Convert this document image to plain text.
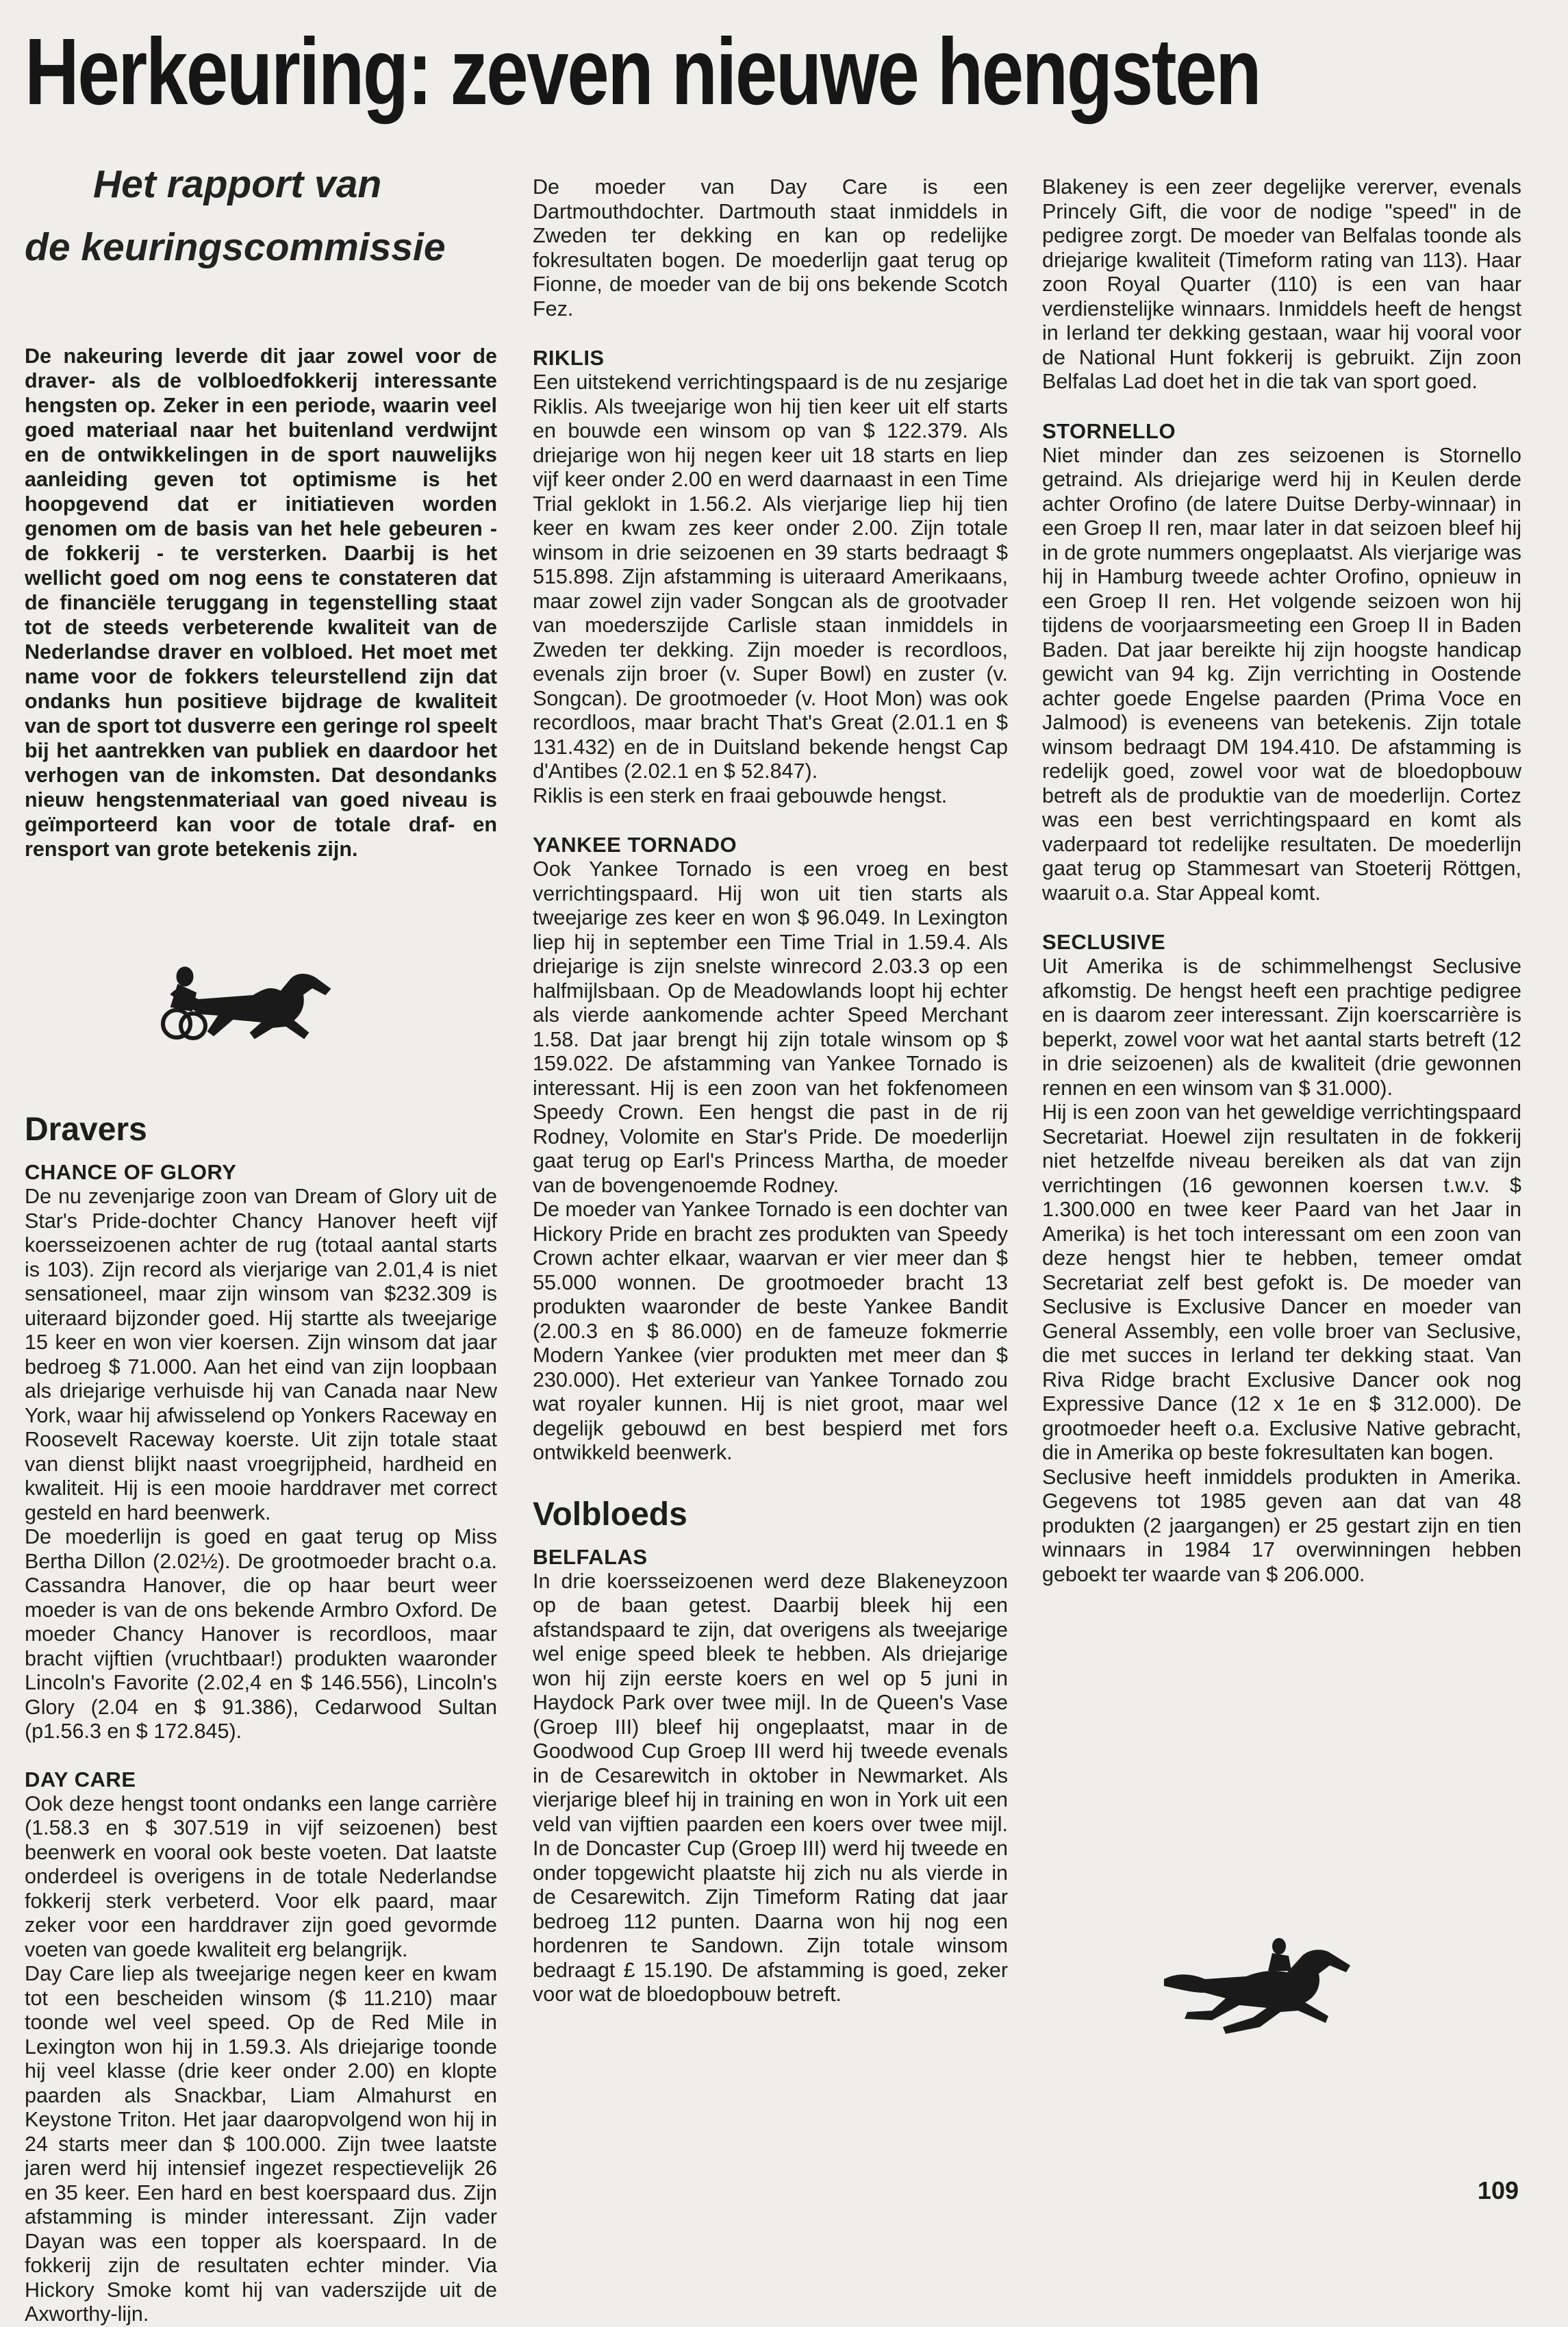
Herkeuring: zeven nieuwe hengsten
Het rapport van
de keuringscommissie
De nakeuring leverde dit jaar zowel voor de draver- als de volbloedfokkerij interessante hengsten op. Zeker in een periode, waarin veel goed materiaal naar het buitenland verdwijnt en de ontwikkelingen in de sport nauwelijks aanleiding geven tot optimisme is het hoopgevend dat er initiatieven worden genomen om de basis van het hele gebeuren - de fokkerij - te versterken. Daarbij is het wellicht goed om nog eens te constateren dat de financiële teruggang in tegenstelling staat tot de steeds verbeterende kwaliteit van de Nederlandse draver en volbloed. Het moet met name voor de fokkers teleurstellend zijn dat ondanks hun positieve bijdrage de kwaliteit van de sport tot dusverre een geringe rol speelt bij het aantrekken van publiek en daardoor het verhogen van de inkomsten. Dat desondanks nieuw hengstenmateriaal van goed niveau is geïmporteerd kan voor de totale draf- en rensport van grote betekenis zijn.
Dravers

CHANCE OF GLORY

De nu zevenjarige zoon van Dream of Glory uit de Star's Pride-dochter Chancy Hanover heeft vijf koersseizoenen achter de rug (totaal aantal starts is 103). Zijn record als vierjarige van 2.01,4 is niet sensationeel, maar zijn winsom van $232.309 is uiteraard bijzonder goed. Hij startte als tweejarige 15 keer en won vier koersen. Zijn winsom dat jaar bedroeg $ 71.000. Aan het eind van zijn loopbaan als driejarige verhuisde hij van Canada naar New York, waar hij afwisselend op Yonkers Raceway en Roosevelt Raceway koerste. Uit zijn totale staat van dienst blijkt naast vroegrijpheid, hardheid en kwaliteit. Hij is een mooie harddraver met correct gesteld en hard beenwerk.

De moederlijn is goed en gaat terug op Miss Bertha Dillon (2.02½). De grootmoeder bracht o.a. Cassandra Hanover, die op haar beurt weer moeder is van de ons bekende Armbro Oxford. De moeder Chancy Hanover is recordloos, maar bracht vijftien (vruchtbaar!) produkten waaronder Lincoln's Favorite (2.02,4 en $ 146.556), Lincoln's Glory (2.04 en $ 91.386), Cedarwood Sultan (p1.56.3 en $ 172.845).

DAY CARE

Ook deze hengst toont ondanks een lange carrière (1.58.3 en $ 307.519 in vijf seizoenen) best beenwerk en vooral ook beste voeten. Dat laatste onderdeel is overigens in de totale Nederlandse fokkerij sterk verbeterd. Voor elk paard, maar zeker voor een harddraver zijn goed gevormde voeten van goede kwaliteit erg belangrijk.

Day Care liep als tweejarige negen keer en kwam tot een bescheiden winsom ($ 11.210) maar toonde wel veel speed. Op de Red Mile in Lexington won hij in 1.59.3. Als driejarige toonde hij veel klasse (drie keer onder 2.00) en klopte paarden als Snackbar, Liam Almahurst en Keystone Triton. Het jaar daaropvolgend won hij in 24 starts meer dan $ 100.000. Zijn twee laatste jaren werd hij intensief ingezet respectievelijk 26 en 35 keer. Een hard en best koerspaard dus. Zijn afstamming is minder interessant. Zijn vader Dayan was een topper als koerspaard. In de fokkerij zijn de resultaten echter minder. Via Hickory Smoke komt hij van vaderszijde uit de Axworthy-lijn.

De moeder van Day Care is een Dartmouthdochter. Dartmouth staat inmiddels in Zweden ter dekking en kan op redelijke fokresultaten bogen. De moederlijn gaat terug op Fionne, de moeder van de bij ons bekende Scotch Fez.

RIKLIS

Een uitstekend verrichtingspaard is de nu zesjarige Riklis. Als tweejarige won hij tien keer uit elf starts en bouwde een winsom op van $ 122.379. Als driejarige won hij negen keer uit 18 starts en liep vijf keer onder 2.00 en werd daarnaast in een Time Trial geklokt in 1.56.2. Als vierjarige liep hij tien keer en kwam zes keer onder 2.00. Zijn totale winsom in drie seizoenen en 39 starts bedraagt $ 515.898. Zijn afstamming is uiteraard Amerikaans, maar zowel zijn vader Songcan als de grootvader van moederszijde Carlisle staan inmiddels in Zweden ter dekking. Zijn moeder is recordloos, evenals zijn broer (v. Super Bowl) en zuster (v. Songcan). De grootmoeder (v. Hoot Mon) was ook recordloos, maar bracht That's Great (2.01.1 en $ 131.432) en de in Duitsland bekende hengst Cap d'Antibes (2.02.1 en $ 52.847).

Riklis is een sterk en fraai gebouwde hengst.

YANKEE TORNADO

Ook Yankee Tornado is een vroeg en best verrichtingspaard. Hij won uit tien starts als tweejarige zes keer en won $ 96.049. In Lexington liep hij in september een Time Trial in 1.59.4. Als driejarige is zijn snelste winrecord 2.03.3 op een halfmijlsbaan. Op de Meadowlands loopt hij echter als vierde aankomende achter Speed Merchant 1.58. Dat jaar brengt hij zijn totale winsom op $ 159.022. De afstamming van Yankee Tornado is interessant. Hij is een zoon van het fokfenomeen Speedy Crown. Een hengst die past in de rij Rodney, Volomite en Star's Pride. De moederlijn gaat terug op Earl's Princess Martha, de moeder van de bovengenoemde Rodney.

De moeder van Yankee Tornado is een dochter van Hickory Pride en bracht zes produkten van Speedy Crown achter elkaar, waarvan er vier meer dan $ 55.000 wonnen. De grootmoeder bracht 13 produkten waaronder de beste Yankee Bandit (2.00.3 en $ 86.000) en de fameuze fokmerrie Modern Yankee (vier produkten met meer dan $ 230.000). Het exterieur van Yankee Tornado zou wat royaler kunnen. Hij is niet groot, maar wel degelijk gebouwd en best bespierd met fors ontwikkeld beenwerk.

Volbloeds

BELFALAS

In drie koersseizoenen werd deze Blakeneyzoon op de baan getest. Daarbij bleek hij een afstandspaard te zijn, dat overigens als tweejarige wel enige speed bleek te hebben. Als driejarige won hij zijn eerste koers en wel op 5 juni in Haydock Park over twee mijl. In de Queen's Vase (Groep III) bleef hij ongeplaatst, maar in de Goodwood Cup Groep III werd hij tweede evenals in de Cesarewitch in oktober in Newmarket. Als vierjarige bleef hij in training en won in York uit een veld van vijftien paarden een koers over twee mijl. In de Doncaster Cup (Groep III) werd hij tweede en onder topgewicht plaatste hij zich nu als vierde in de Cesarewitch. Zijn Timeform Rating dat jaar bedroeg 112 punten. Daarna won hij nog een hordenren te Sandown. Zijn totale winsom bedraagt £ 15.190. De afstamming is goed, zeker voor wat de bloedopbouw betreft.

Blakeney is een zeer degelijke vererver, evenals Princely Gift, die voor de nodige "speed" in de pedigree zorgt. De moeder van Belfalas toonde als driejarige kwaliteit (Timeform rating van 113). Haar zoon Royal Quarter (110) is een van haar verdienstelijke winnaars. Inmiddels heeft de hengst in Ierland ter dekking gestaan, waar hij vooral voor de National Hunt fokkerij is gebruikt. Zijn zoon Belfalas Lad doet het in die tak van sport goed.

STORNELLO

Niet minder dan zes seizoenen is Stornello getraind. Als driejarige werd hij in Keulen derde achter Orofino (de latere Duitse Derby-winnaar) in een Groep II ren, maar later in dat seizoen bleef hij in de grote nummers ongeplaatst. Als vierjarige was hij in Hamburg tweede achter Orofino, opnieuw in een Groep II ren. Het volgende seizoen won hij tijdens de voorjaarsmeeting een Groep II in Baden Baden. Dat jaar bereikte hij zijn hoogste handicap gewicht van 94 kg. Zijn verrichting in Oostende achter goede Engelse paarden (Prima Voce en Jalmood) is eveneens van betekenis. Zijn totale winsom bedraagt DM 194.410. De afstamming is redelijk goed, zowel voor wat de bloedopbouw betreft als de produktie van de moederlijn. Cortez was een best verrichtingspaard en komt als vaderpaard tot redelijke resultaten. De moederlijn gaat terug op Stammesart van Stoeterij Röttgen, waaruit o.a. Star Appeal komt.

SECLUSIVE

Uit Amerika is de schimmelhengst Seclusive afkomstig. De hengst heeft een prachtige pedigree en is daarom zeer interessant. Zijn koerscarrière is beperkt, zowel voor wat het aantal starts betreft (12 in drie seizoenen) als de kwaliteit (drie gewonnen rennen en een winsom van $ 31.000).

Hij is een zoon van het geweldige verrichtingspaard Secretariat. Hoewel zijn resultaten in de fokkerij niet hetzelfde niveau bereiken als dat van zijn verrichtingen (16 gewonnen koersen t.w.v. $ 1.300.000 en twee keer Paard van het Jaar in Amerika) is het toch interessant om een zoon van deze hengst hier te hebben, temeer omdat Secretariat zelf best gefokt is. De moeder van Seclusive is Exclusive Dancer en moeder van General Assembly, een volle broer van Seclusive, die met succes in Ierland ter dekking staat. Van Riva Ridge bracht Exclusive Dancer ook nog Expressive Dance (12 x 1e en $ 312.000). De grootmoeder heeft o.a. Exclusive Native gebracht, die in Amerika op beste fokresultaten kan bogen.

Seclusive heeft inmiddels produkten in Amerika. Gegevens tot 1985 geven aan dat van 48 produkten (2 jaargangen) er 25 gestart zijn en tien winnaars in 1984 17 overwinningen hebben geboekt ter waarde van $ 206.000.

109
